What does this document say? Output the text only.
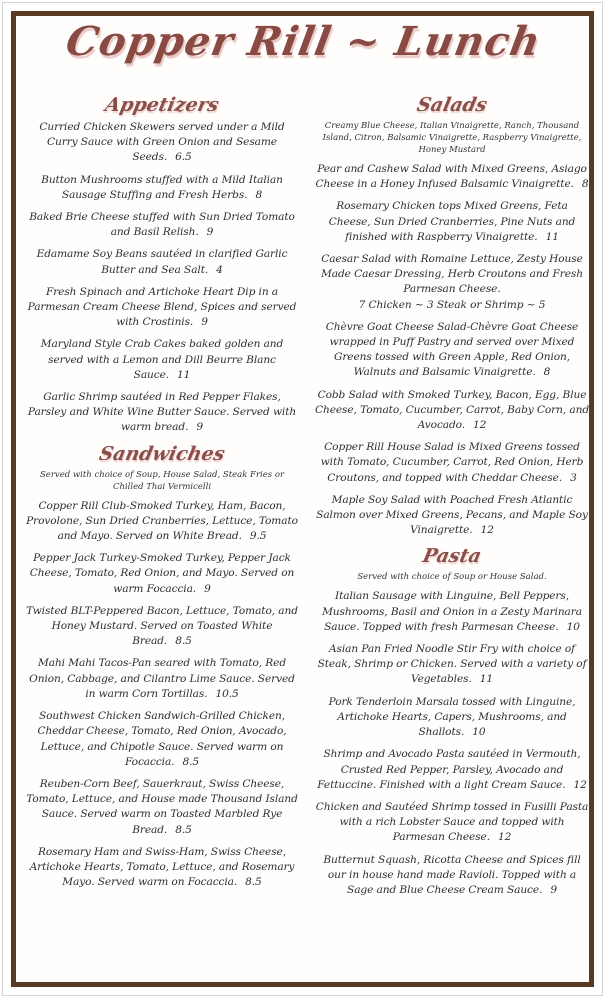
Copper Rill ~ Lunch
Appetizers
Curried Chicken Skewers served under a Mild Curry Sauce with Green Onion and Sesame Seeds. 6.5
Button Mushrooms stuffed with a Mild Italian Sausage Stuffing and Fresh Herbs. 8
Baked Brie Cheese stuffed with Sun Dried Tomato and Basil Relish. 9
Edamame Soy Beans sautéed in clarified Garlic Butter and Sea Salt. 4
Fresh Spinach and Artichoke Heart Dip in a Parmesan Cream Cheese Blend, Spices and served with Crostinis. 9
Maryland Style Crab Cakes baked golden and served with a Lemon and Dill Beurre Blanc Sauce. 11
Garlic Shrimp sautéed in Red Pepper Flakes, Parsley and White Wine Butter Sauce. Served with warm bread. 9
Sandwiches
Served with choice of Soup, House Salad, Steak Fries or Chilled Thai Vermicelli
Copper Rill Club-Smoked Turkey, Ham, Bacon, Provolone, Sun Dried Cranberries, Lettuce, Tomato and Mayo. Served on White Bread. 9.5
Pepper Jack Turkey-Smoked Turkey, Pepper Jack Cheese, Tomato, Red Onion, and Mayo. Served on warm Focaccia. 9
Twisted BLT-Peppered Bacon, Lettuce, Tomato, and Honey Mustard. Served on Toasted White Bread. 8.5
Mahi Mahi Tacos-Pan seared with Tomato, Red Onion, Cabbage, and Cilantro Lime Sauce. Served in warm Corn Tortillas. 10.5
Southwest Chicken Sandwich-Grilled Chicken, Cheddar Cheese, Tomato, Red Onion, Avocado, Lettuce, and Chipotle Sauce. Served warm on Focaccia. 8.5
Reuben-Corn Beef, Sauerkraut, Swiss Cheese, Tomato, Lettuce, and House made Thousand Island Sauce. Served warm on Toasted Marbled Rye Bread. 8.5
Rosemary Ham and Swiss-Ham, Swiss Cheese, Artichoke Hearts, Tomato, Lettuce, and Rosemary Mayo. Served warm on Focaccia. 8.5
Salads
Creamy Blue Cheese, Italian Vinaigrette, Ranch, Thousand Island, Citron, Balsamic Vinaigrette, Raspberry Vinaigrette, Honey Mustard
Pear and Cashew Salad with Mixed Greens, Asiago Cheese in a Honey Infused Balsamic Vinaigrette. 8
Rosemary Chicken tops Mixed Greens, Feta Cheese, Sun Dried Cranberries, Pine Nuts and finished with Raspberry Vinaigrette. 11
Caesar Salad with Romaine Lettuce, Zesty House Made Caesar Dressing, Herb Croutons and Fresh Parmesan Cheese.
7 Chicken ~ 3 Steak or Shrimp ~ 5
Chèvre Goat Cheese Salad-Chèvre Goat Cheese wrapped in Puff Pastry and served over Mixed Greens tossed with Green Apple, Red Onion, Walnuts and Balsamic Vinaigrette. 8
Cobb Salad with Smoked Turkey, Bacon, Egg, Blue Cheese, Tomato, Cucumber, Carrot, Baby Corn, and Avocado. 12
Copper Rill House Salad is Mixed Greens tossed with Tomato, Cucumber, Carrot, Red Onion, Herb Croutons, and topped with Cheddar Cheese. 3
Maple Soy Salad with Poached Fresh Atlantic Salmon over Mixed Greens, Pecans, and Maple Soy Vinaigrette. 12
Pasta
Served with choice of Soup or House Salad.
Italian Sausage with Linguine, Bell Peppers, Mushrooms, Basil and Onion in a Zesty Marinara Sauce. Topped with fresh Parmesan Cheese. 10
Asian Pan Fried Noodle Stir Fry with choice of Steak, Shrimp or Chicken. Served with a variety of Vegetables. 11
Pork Tenderloin Marsala tossed with Linguine, Artichoke Hearts, Capers, Mushrooms, and Shallots. 10
Shrimp and Avocado Pasta sautéed in Vermouth, Crusted Red Pepper, Parsley, Avocado and Fettuccine. Finished with a light Cream Sauce. 12
Chicken and Sautéed Shrimp tossed in Fusilli Pasta with a rich Lobster Sauce and topped with Parmesan Cheese. 12
Butternut Squash, Ricotta Cheese and Spices fill our in house hand made Ravioli. Topped with a Sage and Blue Cheese Cream Sauce. 9
